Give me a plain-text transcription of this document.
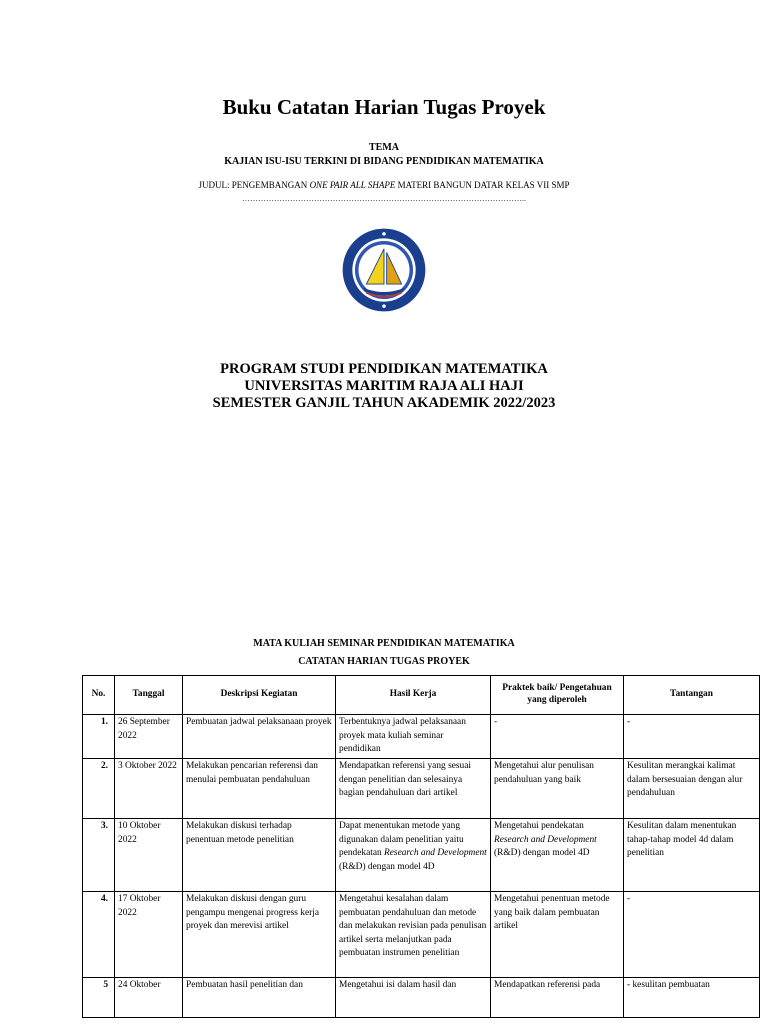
Buku Catatan Harian Tugas Proyek
TEMA
KAJIAN ISU-ISU TERKINI DI BIDANG PENDIDIKAN MATEMATIKA
JUDUL: PENGEMBANGAN ONE PAIR ALL SHAPE MATERI BANGUN DATAR KELAS VII SMP
……………………………………………………………………………………………..
PROGRAM STUDI PENDIDIKAN MATEMATIKA
UNIVERSITAS MARITIM RAJA ALI HAJI
SEMESTER GANJIL TAHUN AKADEMIK 2022/2023
MATA KULIAH SEMINAR PENDIDIKAN MATEMATIKA
CATATAN HARIAN TUGAS PROYEK
No.	Tanggal	Deskripsi Kegiatan	Hasil Kerja	Praktek baik/ Pengetahuan yang diperoleh	Tantangan
1.	26 September 2022	Pembuatan jadwal pelaksanaan proyek	Terbentuknya jadwal pelaksanaan proyek mata kuliah seminar pendidikan	-	-
2.	3 Oktober 2022	Melakukan pencarian referensi dan menulai pembuatan pendahuluan	Mendapatkan referensi yang sesuai dengan penelitian dan selesainya bagian pendahuluan dari artikel	Mengetahui alur penulisan pendahuluan yang baik	Kesulitan merangkai kalimat dalam bersesuaian dengan alur pendahuluan
3.	10 Oktober 2022	Melakukan diskusi terhadap penentuan metode penelitian	Dapat menentukan metode yang digunakan dalam penelitian yaitu pendekatan Research and Development (R&D) dengan model 4D	Mengetahui pendekatan Research and Development (R&D) dengan model 4D	Kesulitan dalam menentukan tahap-tahap model 4d dalam penelitian
4.	17 Oktober 2022	Melakukan diskusi dengan guru pengampu mengenai progress kerja proyek dan merevisi artikel	Mengetahui kesalahan dalam pembuatan pendahuluan dan metode dan melakukan revisian pada penulisan artikel serta melanjutkan pada pembuatan instrumen penelitian	Mengetahui penentuan metode yang baik dalam pembuatan artikel	-
5	24 Oktober	Pembuatan hasil penelitian dan	Mengetahui isi dalam hasil dan	Mendapatkan referensi pada	- kesulitan pembuatan
